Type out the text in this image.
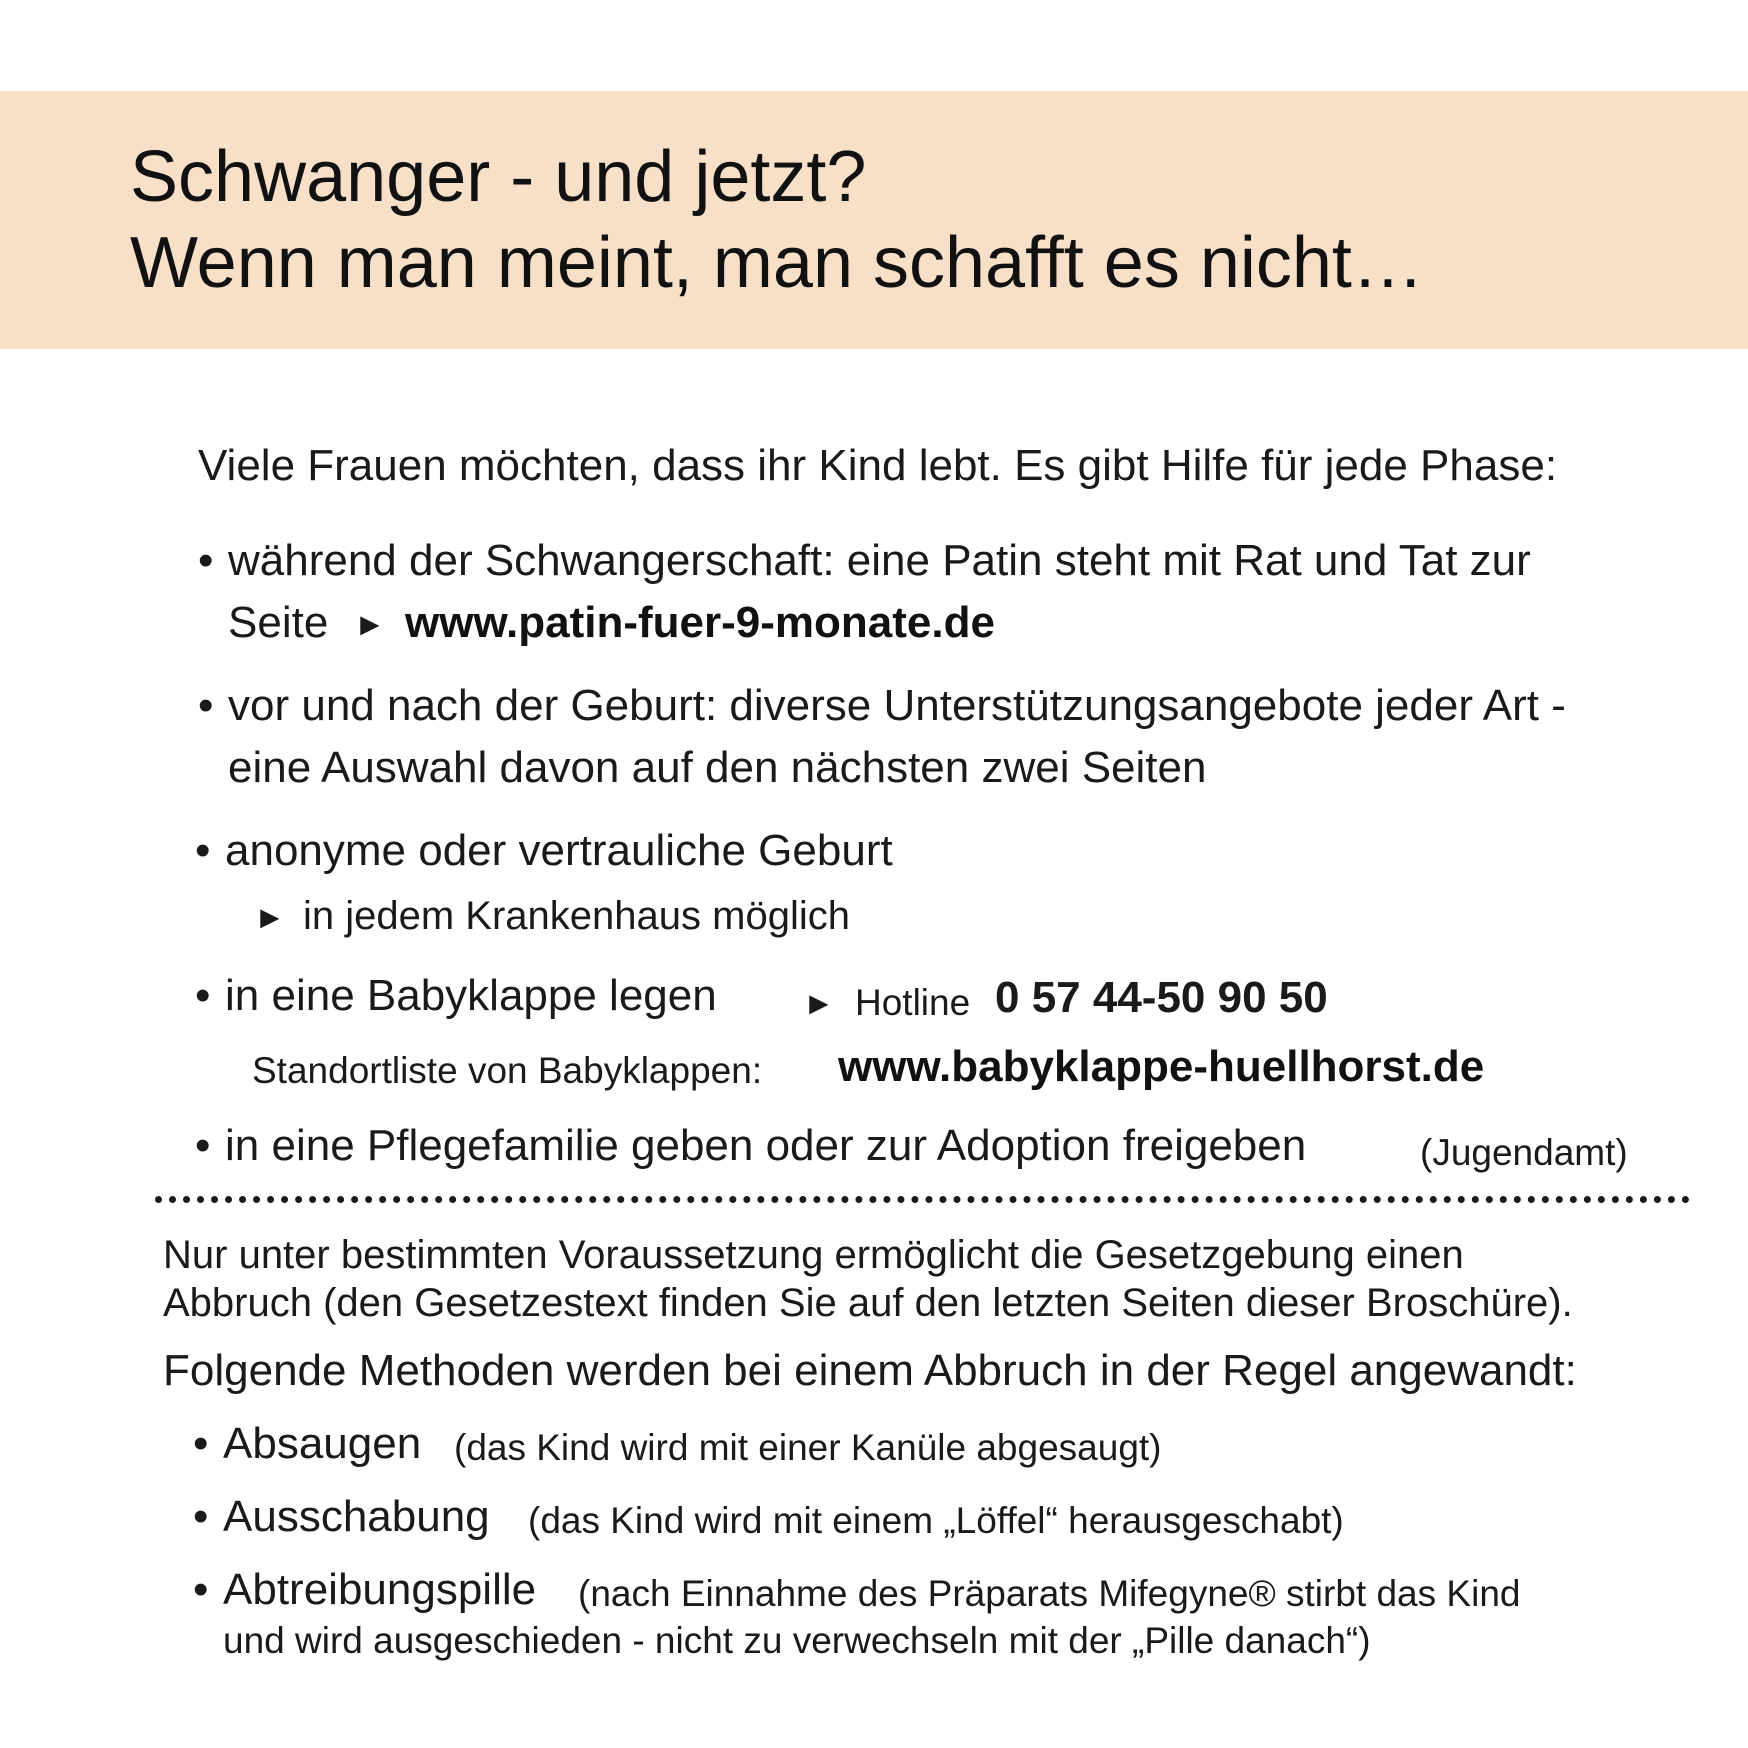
Schwanger - und jetzt?
Wenn man meint, man schafft es nicht…

Viele Frauen möchten, dass ihr Kind lebt. Es gibt Hilfe für jede Phase:

• während der Schwangerschaft: eine Patin steht mit Rat und Tat zur
Seite ► www.patin-fuer-9-monate.de
• vor und nach der Geburt: diverse Unterstützungsangebote jeder Art -
eine Auswahl davon auf den nächsten zwei Seiten
• anonyme oder vertrauliche Geburt
► in jedem Krankenhaus möglich
• in eine Babyklappe legen	► Hotline 0 57 44-50 90 50
Standortliste von Babyklappen: www.babyklappe-huellhorst.de
• in eine Pflegefamilie geben oder zur Adoption freigeben	(Jugendamt)

Nur unter bestimmten Voraussetzung ermöglicht die Gesetzgebung einen

Abbruch (den Gesetzestext finden Sie auf den letzten Seiten dieser Broschüre).

Folgende Methoden werden bei einem Abbruch in der Regel angewandt:

• Absaugen (das Kind wird mit einer Kanüle abgesaugt)
• Ausschabung (das Kind wird mit einem „Löffel“ herausgeschabt)
• Abtreibungspille (nach Einnahme des Präparats Mifegyne® stirbt das Kind
und wird ausgeschieden - nicht zu verwechseln mit der „Pille danach“)
